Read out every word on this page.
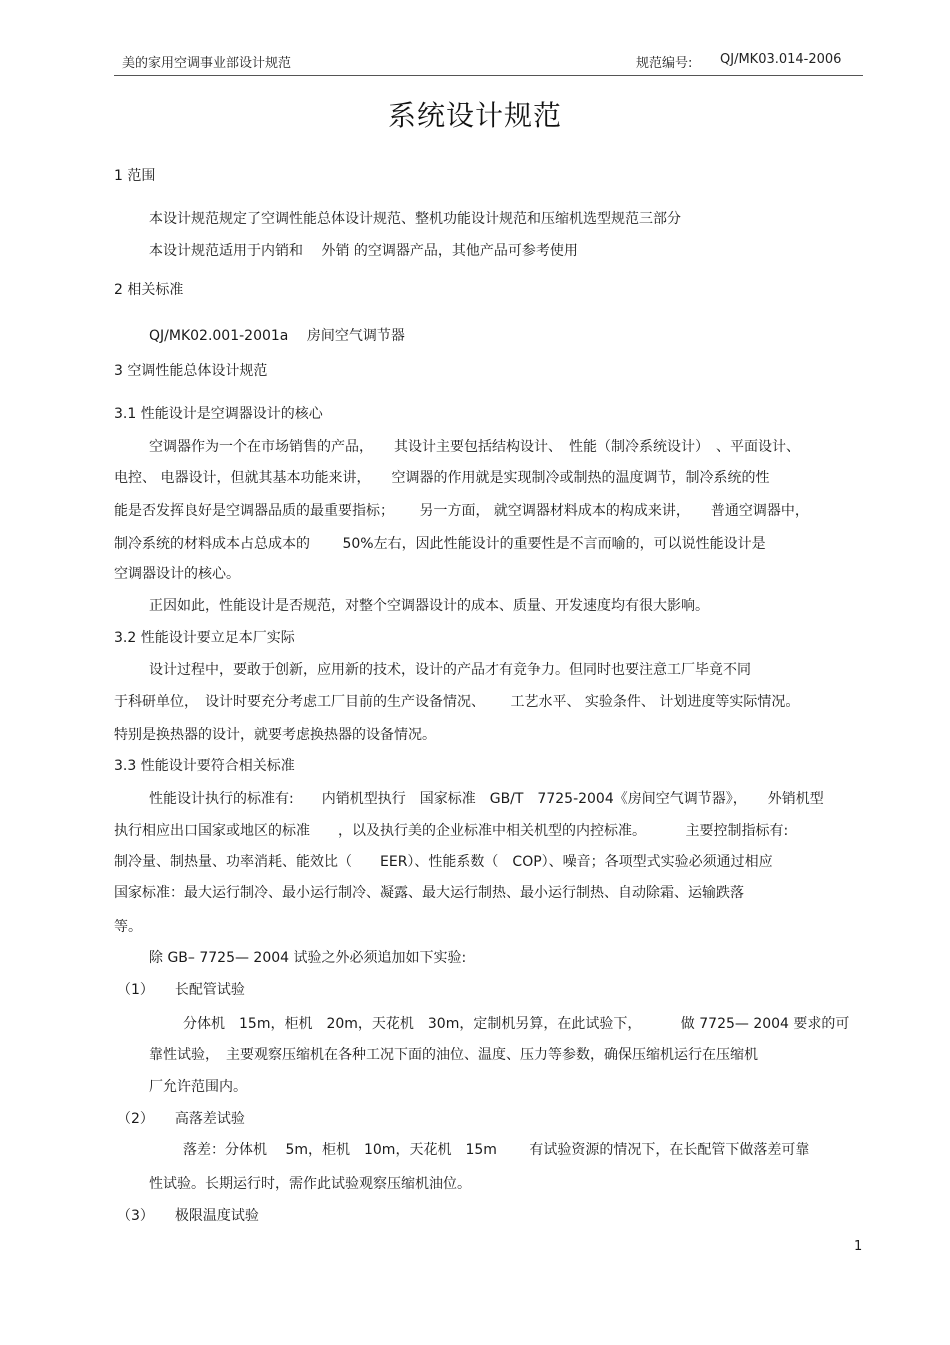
美的家用空调事业部设计规范	规范编号: QJ/MK03.014-2006
系统设计规范
1 范围
本设计规范规定了空调性能总体设计规范、整机功能设计规范和压缩机选型规范三部分
本设计规范适用于内销和　 外销 的空调器产品，其他产品可参考使用
2 相关标准
QJ/MK02.001-2001a　 房间空气调节器
3 空调性能总体设计规范
3.1 性能设计是空调器设计的核心
空调器作为一个在市场销售的产品，　　其设计主要包括结构设计、　性能（制冷系统设计）　、平面设计、
电控、 电器设计，但就其基本功能来讲，　　空调器的作用就是实现制冷或制热的温度调节，制冷系统的性
能是否发挥良好是空调器品质的最重要指标；　　 另一方面， 就空调器材料成本的构成来讲，　　普通空调器中，
制冷系统的材料成本占总成本的　　 50%左右，因此性能设计的重要性是不言而喻的，可以说性能设计是
空调器设计的核心。
正因如此，性能设计是否规范，对整个空调器设计的成本、质量、开发速度均有很大影响。
3.2 性能设计要立足本厂实际
设计过程中，要敢于创新，应用新的技术，设计的产品才有竞争力。但同时也要注意工厂毕竟不同
于科研单位，　设计时要充分考虑工厂目前的生产设备情况、　　 工艺水平、 实验条件、 计划进度等实际情况。
特别是换热器的设计，就要考虑换热器的设备情况。
3.3 性能设计要符合相关标准
性能设计执行的标准有:　　内销机型执行　国家标准　GB/T　7725-2004《房间空气调节器》，　　外销机型
执行相应出口国家或地区的标准　　，以及执行美的企业标准中相关机型的内控标准。　　　 主要控制指标有:
制冷量、制热量、功率消耗、能效比（　　EER）、性能系数（　COP）、噪音；各项型式实验必须通过相应
国家标准：最大运行制冷、最小运行制冷、凝露、最大运行制热、最小运行制热、自动除霜、运输跌落
等。
除 GB– 7725— 2004 试验之外必须追加如下实验:
（1）　　长配管试验
分体机　15m，柜机　20m，天花机　30m，定制机另算，在此试验下，　　　 做 7725— 2004 要求的可
靠性试验，　主要观察压缩机在各种工况下面的油位、温度、压力等参数，确保压缩机运行在压缩机
厂允许范围内。
（2）　　高落差试验
落差：分体机　 5m，柜机　10m，天花机　15m　　 有试验资源的情况下，在长配管下做落差可靠
性试验。长期运行时，需作此试验观察压缩机油位。
（3）　　极限温度试验
1
